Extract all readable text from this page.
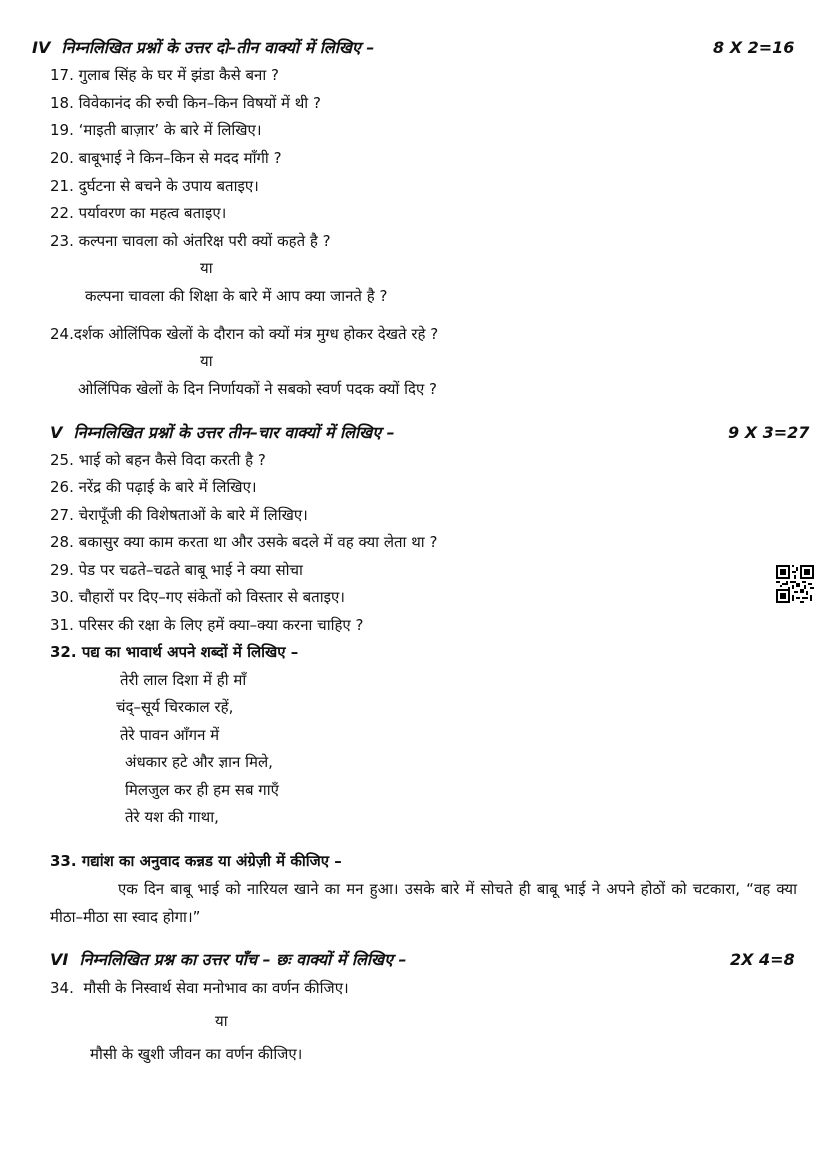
IV निम्नलिखित प्रश्नों के उत्तर दो–तीन वाक्यों में लिखिए –	8 X 2=16
17. गुलाब सिंह के घर में झंडा कैसे बना ?
18. विवेकानंद की रुची किन–किन विषयों में थी ?
19. ‘माइती बाज़ार’ के बारे में लिखिए।
20. बाबूभाई ने किन–किन से मदद माँगी ?
21. दुर्घटना से बचने के उपाय बताइए।
22. पर्यावरण का महत्व बताइए।
23. कल्पना चावला को अंतरिक्ष परी क्यों कहते है ?
या
कल्पना चावला की शिक्षा के बारे में आप क्या जानते है ?
24.दर्शक ओलिंपिक खेलों के दौरान को क्यों मंत्र मुग्ध होकर देखते रहे ?
या
ओलिंपिक खेलों के दिन निर्णायकों ने सबको स्वर्ण पदक क्यों दिए ?
V निम्नलिखित प्रश्नों के उत्तर तीन–चार वाक्यों में लिखिए –	9 X 3=27
25. भाई को बहन कैसे विदा करती है ?
26. नरेंद्र की पढ़ाई के बारे में लिखिए।
27. चेरापूँजी की विशेषताओं के बारे में लिखिए।
28. बकासुर क्या काम करता था और उसके बदले में वह क्या लेता था ?
29. पेड पर चढते–चढते बाबू भाई ने क्या सोचा
30. चौहारों पर दिए–गए संकेतों को विस्तार से बताइए।
31. परिसर की रक्षा के लिए हमें क्या–क्या करना चाहिए ?
32. पद्य का भावार्थ अपने शब्दों में लिखिए –
तेरी लाल दिशा में ही माँ
चंद्–सूर्य चिरकाल रहें,
तेरे पावन आँगन में
अंधकार हटे और ज्ञान मिले,
मिलजुल कर ही हम सब गाएँ
तेरे यश की गाथा,
33. गद्यांश का अनुवाद कन्नड या अंग्रेज़ी में कीजिए –
एक दिन बाबू भाई को नारियल खाने का मन हुआ। उसके बारे में सोचते ही बाबू भाई ने अपने होठों को चटकारा, “वह क्या मीठा–मीठा सा स्वाद होगा।”
VI निम्नलिखित प्रश्न का उत्तर पाँच – छः वाक्यों में लिखिए –	2X 4=8
34. मौसी के निस्वार्थ सेवा मनोभाव का वर्णन कीजिए।
या
मौसी के खुशी जीवन का वर्णन कीजिए।
